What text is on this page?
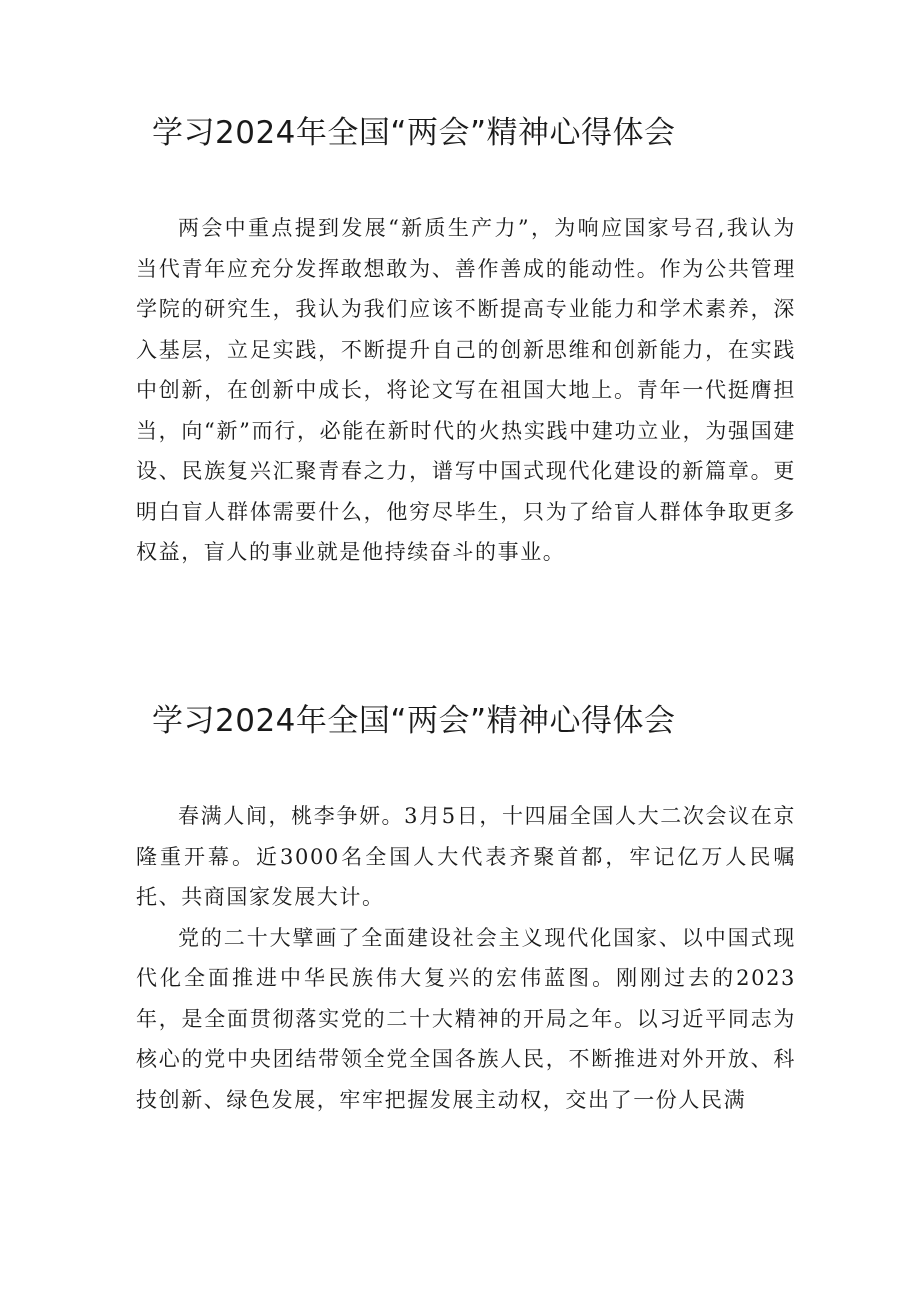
学习2024年全国“两会”精神心得体会

两会中重点提到发展“新质生产力”，为响应国家号召,我认为当代青年应充分发挥敢想敢为、善作善成的能动性。作为公共管理学院的研究生，我认为我们应该不断提高专业能力和学术素养，深入基层，立足实践，不断提升自己的创新思维和创新能力，在实践中创新，在创新中成长，将论文写在祖国大地上。青年一代挺膺担当，向“新”而行，必能在新时代的火热实践中建功立业，为强国建设、民族复兴汇聚青春之力，谱写中国式现代化建设的新篇章。更明白盲人群体需要什么，他穷尽毕生，只为了给盲人群体争取更多权益，盲人的事业就是他持续奋斗的事业。

学习2024年全国“两会”精神心得体会

春满人间，桃李争妍。3月5日，十四届全国人大二次会议在京隆重开幕。近3000名全国人大代表齐聚首都，牢记亿万人民嘱托、共商国家发展大计。

党的二十大擘画了全面建设社会主义现代化国家、以中国式现代化全面推进中华民族伟大复兴的宏伟蓝图。刚刚过去的2023年，是全面贯彻落实党的二十大精神的开局之年。以习近平同志为核心的党中央团结带领全党全国各族人民，不断推进对外开放、科技创新、绿色发展，牢牢把握发展主动权，交出了一份人民满
